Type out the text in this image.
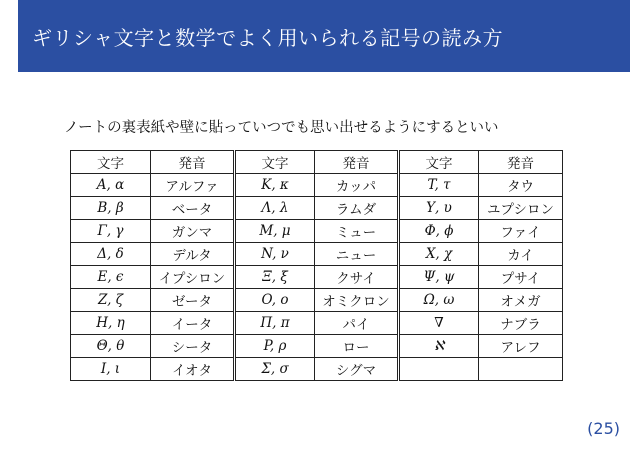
ギリシャ文字と数学でよく用いられる記号の読み方
ノートの裏表紙や壁に貼っていつでも思い出せるようにするといい
文字	発音	文字	発音	文字	発音
A, α	アルファ	K, κ	カッパ	T, τ	タウ
B, β	ベータ	Λ, λ	ラムダ	Υ, υ	ユプシロン
Γ, γ	ガンマ	M, μ	ミュー	Φ, ϕ	ファイ
Δ, δ	デルタ	N, ν	ニュー	X, χ	カイ
E, ϵ	イプシロン	Ξ, ξ	クサイ	Ψ, ψ	プサイ
Z, ζ	ゼータ	O, o	オミクロン	Ω, ω	オメガ
H, η	イータ	Π, π	パイ	∇	ナブラ
Θ, θ	シータ	P, ρ	ロー	ℵ	アレフ
I, ι	イオタ	Σ, σ	シグマ		
(25)
